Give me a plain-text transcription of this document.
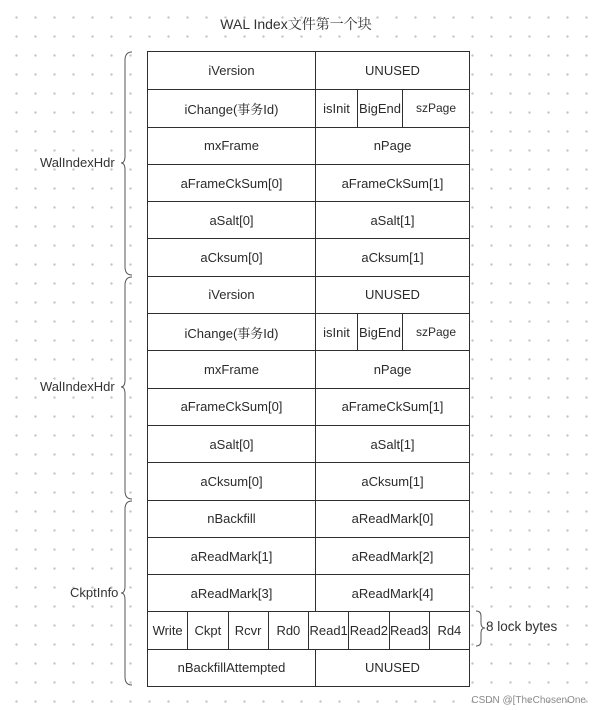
WAL Index文件第一个块
WalIndexHdr
WalIndexHdr
CkptInfo
iVersion	UNUSED
iChange(事务Id)	isInit BigEnd	szPage
mxFrame	nPage
aFrameCkSum[0]	aFrameCkSum[1]
aSalt[0]	aSalt[1]
aCksum[0]	aCksum[1]
iVersion	UNUSED
iChange(事务Id)	isInit BigEnd	szPage
mxFrame	nPage
aFrameCkSum[0]	aFrameCkSum[1]
aSalt[0]	aSalt[1]
aCksum[0]	aCksum[1]
nBackfill	aReadMark[0]
aReadMark[1]	aReadMark[2]
aReadMark[3]	aReadMark[4]
Write Ckpt	Rcvr	Rd0 Read1 Read2 Read3 Rd4
nBackfillAttempted	UNUSED
8 lock bytes
CSDN @[TheChosenOne
